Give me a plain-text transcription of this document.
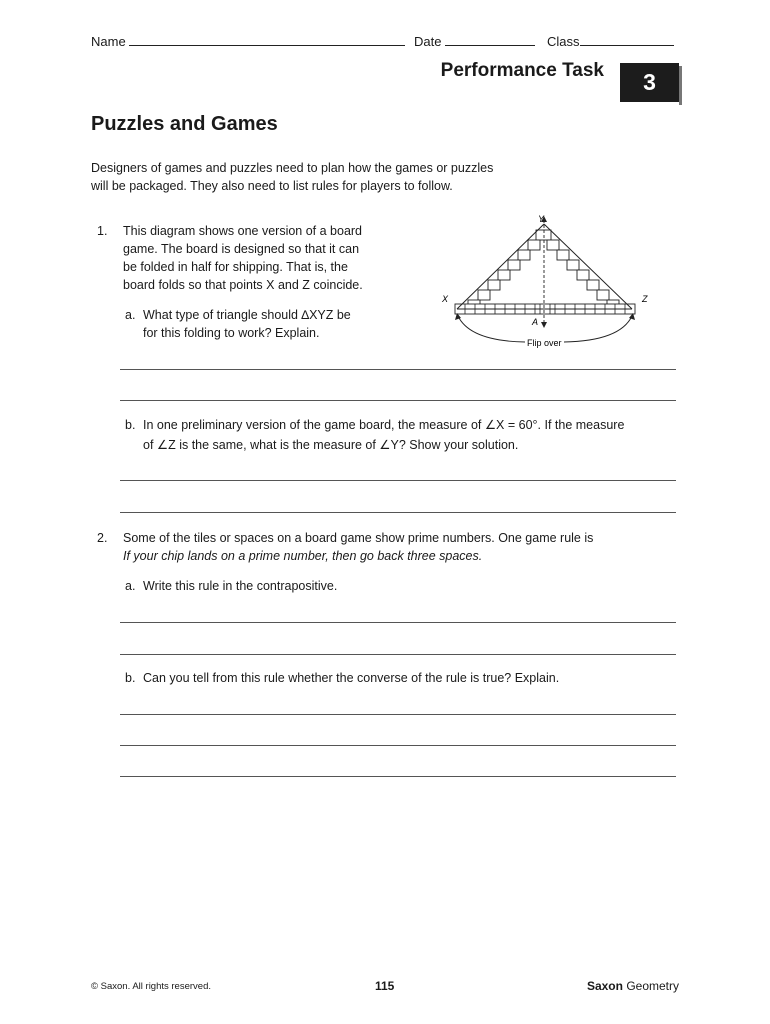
Name	Date	Class
Performance Task	3
Puzzles and Games
Designers of games and puzzles need to plan how the games or puzzles
will be packaged. They also need to list rules for players to follow.
1.	This diagram shows one version of a board
game. The board is designed so that it can
be folded in half for shipping. That is, the
board folds so that points X and Z coincide.
a. What type of triangle should ∆XYZ be
for this folding to work? Explain.
Y
X	Z
A
Flip over
b. In one preliminary version of the game board, the measure of ∠X = 60°. If the measure
of ∠Z is the same, what is the measure of ∠Y? Show your solution.
2.	Some of the tiles or spaces on a board game show prime numbers. One game rule is
If your chip lands on a prime number, then go back three spaces.
a. Write this rule in the contrapositive.
b. Can you tell from this rule whether the converse of the rule is true? Explain.
© Saxon. All rights reserved.	115	Saxon Geometry
